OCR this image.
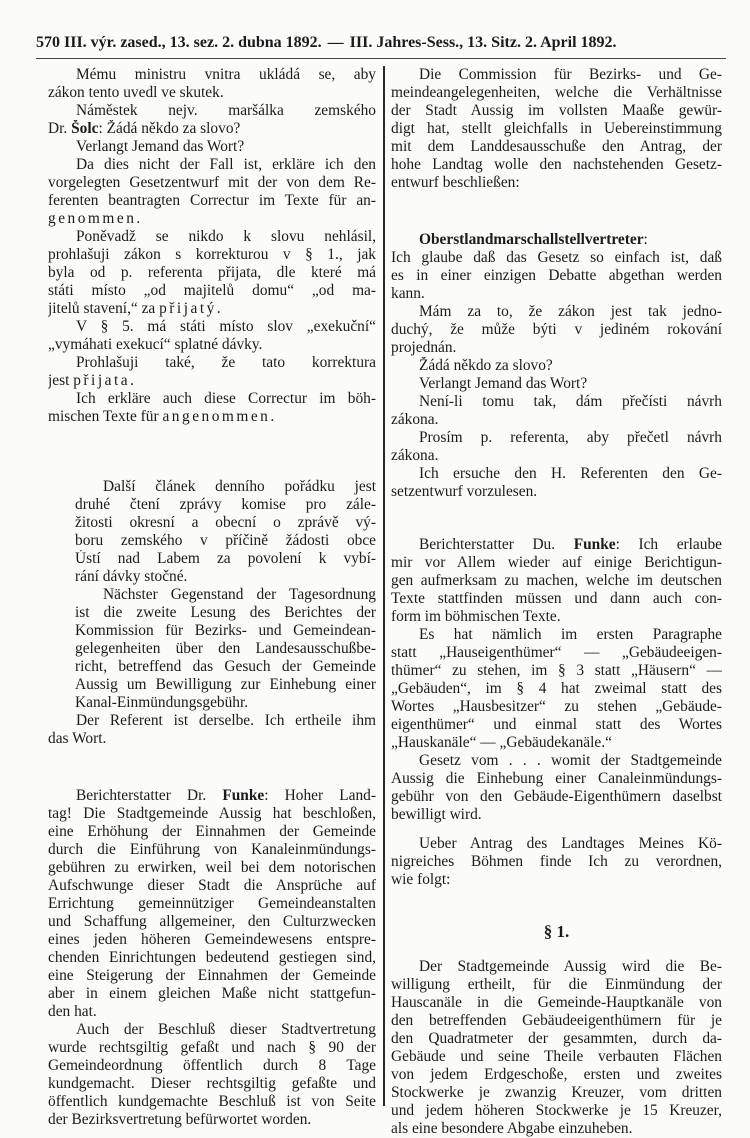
570 III. výr. zased., 13. sez. 2. dubna 1892. — III. Jahres-Sess., 13. Sitz. 2. April 1892.
Mému ministru vnitra ukládá se, aby
zákon tento uvedl ve skutek.
Náměstek nejv. maršálka zemského
Dr. Šolc: Žádá někdo za slovo?
Verlangt Jemand das Wort?
Da dies nicht der Fall ist, erkläre ich den
vorgelegten Gesetzentwurf mit der von dem Re-
ferenten beantragten Correctur im Texte für an-
genommen.
Poněvadž se nikdo k slovu nehlásil,
prohlašuji zákon s korrekturou v § 1., jak
byla od p. referenta přijata, dle které má
státi místo „od majitelů domu“ „od ma-
jitelů stavení,“ za přijatý.
V § 5. má státi místo slov „exekuční“
„vymáhati exekucí“ splatné dávky.
Prohlašuji také, že tato korrektura
jest přijata.
Ich erkläre auch diese Correctur im böh-
mischen Texte für angenommen.
Další článek denního pořádku jest
druhé čtení zprávy komise pro zále-
žitosti okresní a obecní o zprávě vý-
boru zemského v příčině žádosti obce
Ústí nad Labem za povolení k vybí-
rání dávky stočné.
Nächster Gegenstand der Tagesordnung
ist die zweite Lesung des Berichtes der
Kommission für Bezirks- und Gemeindean-
gelegenheiten über den Landesausschußbe-
richt, betreffend das Gesuch der Gemeinde
Aussig um Bewilligung zur Einhebung einer
Kanal-Einmündungsgebühr.
Der Referent ist derselbe. Ich ertheile ihm
das Wort.
Berichterstatter Dr. Funke: Hoher Land-
tag! Die Stadtgemeinde Aussig hat beschloßen,
eine Erhöhung der Einnahmen der Gemeinde
durch die Einführung von Kanaleinmündungs-
gebühren zu erwirken, weil bei dem notorischen
Aufschwunge dieser Stadt die Ansprüche auf
Errichtung gemeinnütziger Gemeindeanstalten
und Schaffung allgemeiner, den Culturzwecken
eines jeden höheren Gemeindewesens entspre-
chenden Einrichtungen bedeutend gestiegen sind,
eine Steigerung der Einnahmen der Gemeinde
aber in einem gleichen Maße nicht stattgefun-
den hat.
Auch der Beschluß dieser Stadtvertretung
wurde rechtsgiltig gefaßt und nach § 90 der
Gemeindeordnung öffentlich durch 8 Tage
kundgemacht. Dieser rechtsgiltig gefaßte und
öffentlich kundgemachte Beschluß ist von Seite
der Bezirksvertretung befürwortet worden.
Die Commission für Bezirks- und Ge-
meindeangelegenheiten, welche die Verhältnisse
der Stadt Aussig im vollsten Maaße gewür-
digt hat, stellt gleichfalls in Uebereinstimmung
mit dem Landdesausschuße den Antrag, der
hohe Landtag wolle den nachstehenden Gesetz-
entwurf beschließen:
Oberstlandmarschallstellvertreter:
Ich glaube daß das Gesetz so einfach ist, daß
es in einer einzigen Debatte abgethan werden
kann.
Mám za to, že zákon jest tak jedno-
duchý, že může býti v jediném rokování
projednán.
Žádá někdo za slovo?
Verlangt Jemand das Wort?
Není-li tomu tak, dám přečísti návrh
zákona.
Prosím p. referenta, aby přečetl návrh
zákona.
Ich ersuche den H. Referenten den Ge-
setzentwurf vorzulesen.
Berichterstatter Du. Funke: Ich erlaube
mir vor Allem wieder auf einige Berichtigun-
gen aufmerksam zu machen, welche im deutschen
Texte stattfinden müssen und dann auch con-
form im böhmischen Texte.
Es hat nämlich im ersten Paragraphe
statt „Hauseigenthümer“ — „Gebäudeeigen-
thümer“ zu stehen, im § 3 statt „Häusern“ —
„Gebäuden“, im § 4 hat zweimal statt des
Wortes „Hausbesitzer“ zu stehen „Gebäude-
eigenthümer“ und einmal statt des Wortes
„Hauskanäle“ — „Gebäudekanäle.“
Gesetz vom . . . womit der Stadtgemeinde
Aussig die Einhebung einer Canaleinmündungs-
gebühr von den Gebäude-Eigenthümern daselbst
bewilligt wird.
Ueber Antrag des Landtages Meines Kö-
nigreiches Böhmen finde Ich zu verordnen,
wie folgt:
§ 1.
Der Stadtgemeinde Aussig wird die Be-
willigung ertheilt, für die Einmündung der
Hauscanäle in die Gemeinde-Hauptkanäle von
den betreffenden Gebäudeeigenthümern für je
den Quadratmeter der gesammten, durch da-
Gebäude und seine Theile verbauten Flächen
von jedem Erdgeschoße, ersten und zweites
Stockwerke je zwanzig Kreuzer, vom dritten
und jedem höheren Stockwerke je 15 Kreuzer,
als eine besondere Abgabe einzuheben.
